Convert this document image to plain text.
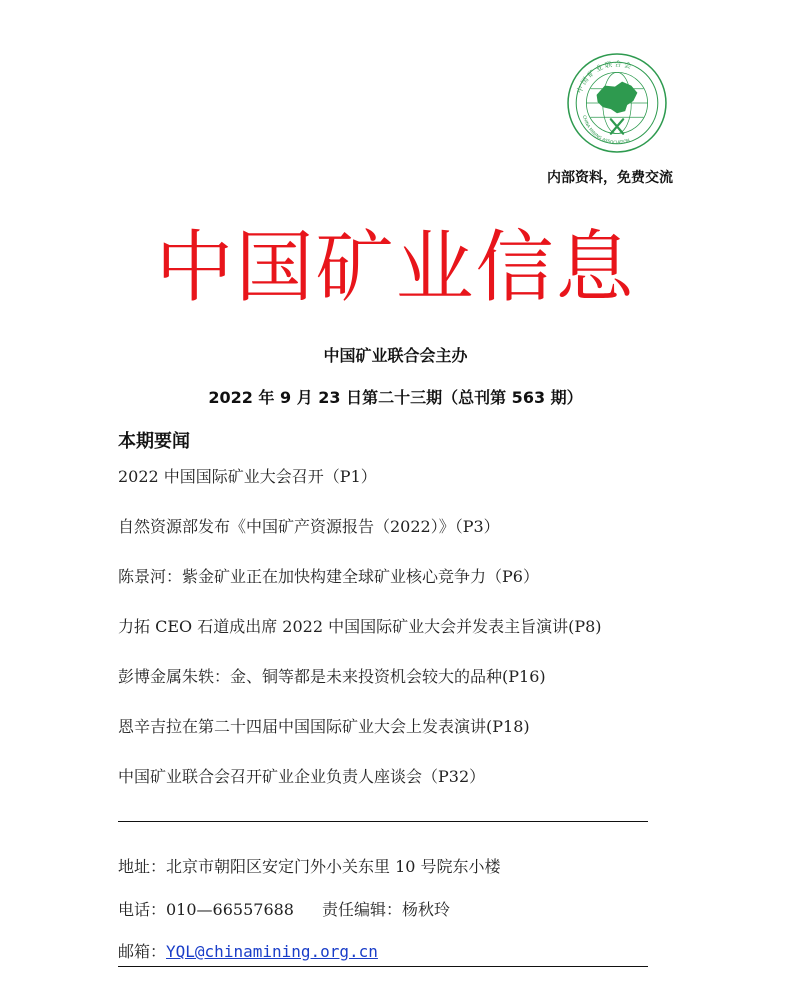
中国矿业联合会
CHINA MINING ASSOCIATION
内部资料，免费交流
中国矿业信息
中国矿业联合会主办
2022 年 9 月 23 日第二十三期（总刊第 563 期）
本期要闻
2022 中国国际矿业大会召开（P1）
自然资源部发布《中国矿产资源报告（2022）》（P3）
陈景河：紫金矿业正在加快构建全球矿业核心竞争力（P6）
力拓 CEO 石道成出席 2022 中国国际矿业大会并发表主旨演讲(P8)
彭博金属朱轶：金、铜等都是未来投资机会较大的品种(P16)
恩辛吉拉在第二十四届中国国际矿业大会上发表演讲(P18)
中国矿业联合会召开矿业企业负责人座谈会（P32）
地址：北京市朝阳区安定门外小关东里 10 号院东小楼
电话：010—66557688 责任编辑：杨秋玲
邮箱：YQL@chinamining.org.cn
